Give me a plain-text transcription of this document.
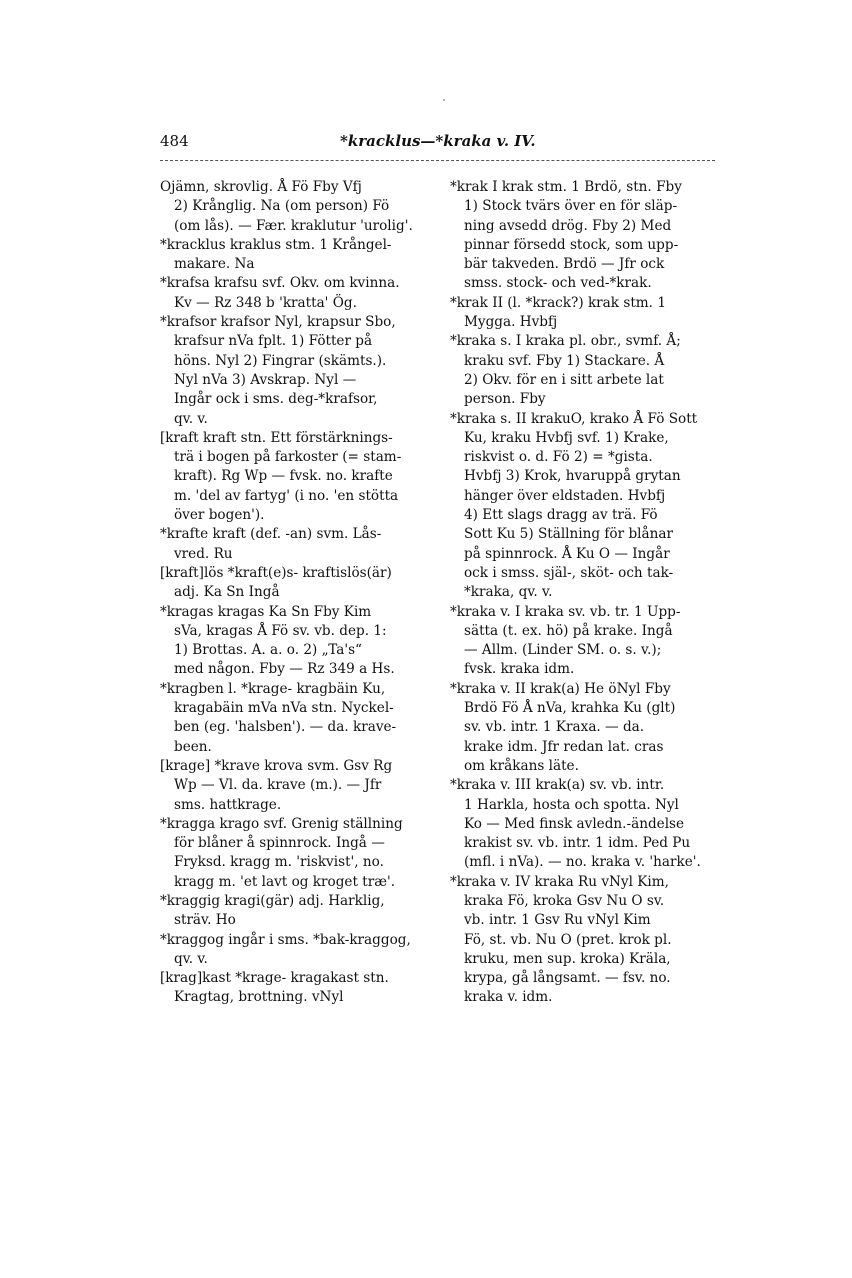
484	*kracklus—*kraka v. IV.
Ojämn, skrovlig. Å Fö Fby Vfj
2) Krånglig. Na (om person) Fö
(om lås). — Fær. kraklutur 'urolig'.
*kracklus kraklus stm. 1 Krångel-
makare. Na
*krafsa krafsu svf. Okv. om kvinna.
Kv — Rz 348 b 'kratta' Ög.
*krafsor krafsor Nyl, krapsur Sbo,
krafsur nVa fplt. 1) Fötter på
höns. Nyl 2) Fingrar (skämts.).
Nyl nVa 3) Avskrap. Nyl —
Ingår ock i sms. deg-*krafsor,
qv. v.
[kraft kraft stn. Ett förstärknings-
trä i bogen på farkoster (= stam-
kraft). Rg Wp — fvsk. no. krafte
m. 'del av fartyg' (i no. 'en stötta
över bogen').
*krafte kraft (def. -an) svm. Lås-
vred. Ru
[kraft]lös *kraft(e)s- kraftislös(är)
adj. Ka Sn Ingå
*kragas kragas Ka Sn Fby Kim
sVa, kragas Å Fö sv. vb. dep. 1:
1) Brottas. A. a. o. 2) „Ta's“
med någon. Fby — Rz 349 a Hs.
*kragben l. *krage- kragbäin Ku,
kragabäin mVa nVa stn. Nyckel-
ben (eg. 'halsben'). — da. krave-
been.
[krage] *krave krova svm. Gsv Rg
Wp — Vl. da. krave (m.). — Jfr
sms. hattkrage.
*kragga krago svf. Grenig ställning
för blåner å spinnrock. Ingå —
Fryksd. kragg m. 'riskvist', no.
kragg m. 'et lavt og kroget træ'.
*kraggig kragi(gär) adj. Harklig,
sträv. Ho
*kraggog ingår i sms. *bak-kraggog,
qv. v.
[krag]kast *krage- kragakast stn.
Kragtag, brottning. vNyl
*krak I krak stm. 1 Brdö, stn. Fby
1) Stock tvärs över en för släp-
ning avsedd drög. Fby 2) Med
pinnar försedd stock, som upp-
bär takveden. Brdö — Jfr ock
smss. stock- och ved-*krak.
*krak II (l. *krack?) krak stm. 1
Mygga. Hvbfj
*kraka s. I kraka pl. obr., svmf. Å;
kraku svf. Fby 1) Stackare. Å
2) Okv. för en i sitt arbete lat
person. Fby
*kraka s. II krakuO, krako Å Fö Sott
Ku, kraku Hvbfj svf. 1) Krake,
riskvist o. d. Fö 2) = *gista.
Hvbfj 3) Krok, hvaruppå grytan
hänger över eldstaden. Hvbfj
4) Ett slags dragg av trä. Fö
Sott Ku 5) Ställning för blånar
på spinnrock. Å Ku O — Ingår
ock i smss. själ-, sköt- och tak-
*kraka, qv. v.
*kraka v. I kraka sv. vb. tr. 1 Upp-
sätta (t. ex. hö) på krake. Ingå
— Allm. (Linder SM. o. s. v.);
fvsk. kraka idm.
*kraka v. II krak(a) He öNyl Fby
Brdö Fö Å nVa, krahka Ku (glt)
sv. vb. intr. 1 Kraxa. — da.
krake idm. Jfr redan lat. cras
om kråkans läte.
*kraka v. III krak(a) sv. vb. intr.
1 Harkla, hosta och spotta. Nyl
Ko — Med finsk avledn.-ändelse
krakist sv. vb. intr. 1 idm. Ped Pu
(mfl. i nVa). — no. kraka v. 'harke'.
*kraka v. IV kraka Ru vNyl Kim,
kraka Fö, kroka Gsv Nu O sv.
vb. intr. 1 Gsv Ru vNyl Kim
Fö, st. vb. Nu O (pret. krok pl.
kruku, men sup. kroka) Kräla,
krypa, gå långsamt. — fsv. no.
kraka v. idm.
